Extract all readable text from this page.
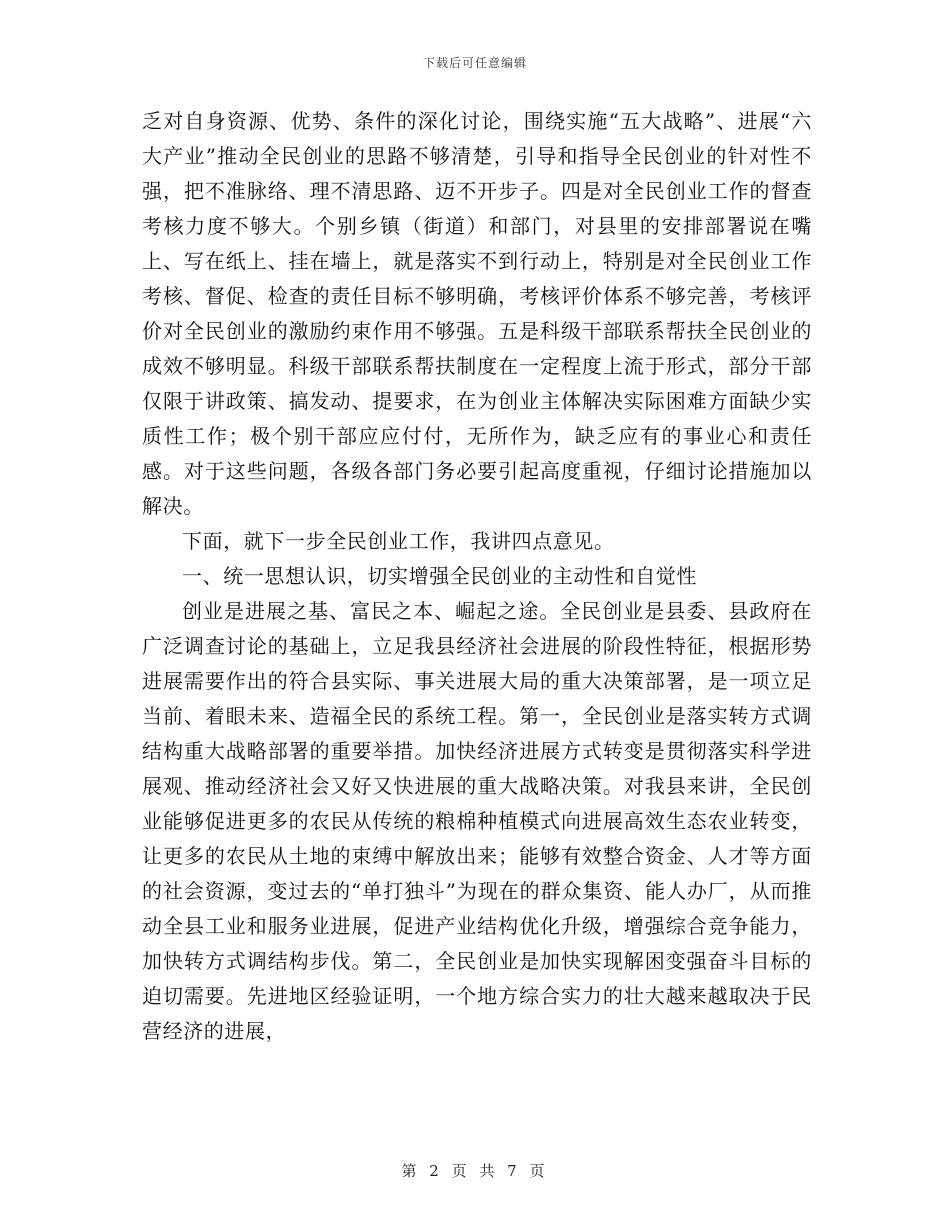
下载后可任意编辑

乏对自身资源、优势、条件的深化讨论，围绕实施“五大战略”、进展“六大产业”推动全民创业的思路不够清楚，引导和指导全民创业的针对性不强，把不准脉络、理不清思路、迈不开步子。四是对全民创业工作的督查考核力度不够大。个别乡镇（街道）和部门，对县里的安排部署说在嘴上、写在纸上、挂在墙上，就是落实不到行动上，特别是对全民创业工作考核、督促、检查的责任目标不够明确，考核评价体系不够完善，考核评价对全民创业的激励约束作用不够强。五是科级干部联系帮扶全民创业的成效不够明显。科级干部联系帮扶制度在一定程度上流于形式，部分干部仅限于讲政策、搞发动、提要求，在为创业主体解决实际困难方面缺少实质性工作；极个别干部应应付付，无所作为，缺乏应有的事业心和责任感。对于这些问题，各级各部门务必要引起高度重视，仔细讨论措施加以解决。

下面，就下一步全民创业工作，我讲四点意见。

一、统一思想认识，切实增强全民创业的主动性和自觉性

创业是进展之基、富民之本、崛起之途。全民创业是县委、县政府在广泛调查讨论的基础上，立足我县经济社会进展的阶段性特征，根据形势进展需要作出的符合县实际、事关进展大局的重大决策部署，是一项立足当前、着眼未来、造福全民的系统工程。第一，全民创业是落实转方式调结构重大战略部署的重要举措。加快经济进展方式转变是贯彻落实科学进展观、推动经济社会又好又快进展的重大战略决策。对我县来讲，全民创业能够促进更多的农民从传统的粮棉种植模式向进展高效生态农业转变，让更多的农民从土地的束缚中解放出来；能够有效整合资金、人才等方面的社会资源，变过去的“单打独斗”为现在的群众集资、能人办厂，从而推动全县工业和服务业进展，促进产业结构优化升级，增强综合竞争能力，加快转方式调结构步伐。第二，全民创业是加快实现解困变强奋斗目标的迫切需要。先进地区经验证明，一个地方综合实力的壮大越来越取决于民营经济的进展，

第 2 页 共 7 页
